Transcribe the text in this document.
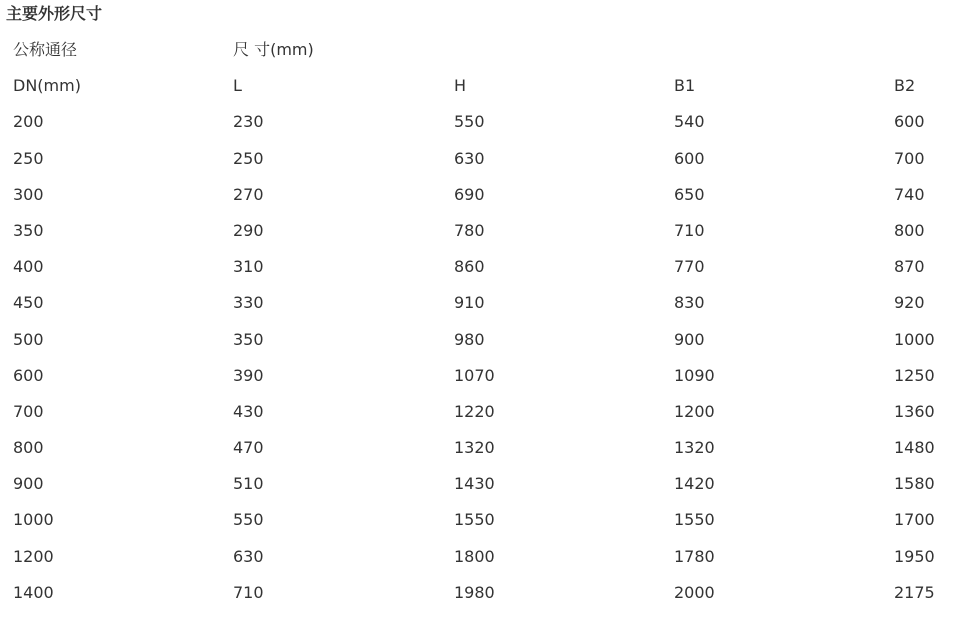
主要外形尺寸
公称通径	尺 寸(mm)
DN(mm)	L	H	B1	B2
200	230	550	540	600
250	250	630	600	700
300	270	690	650	740
350	290	780	710	800
400	310	860	770	870
450	330	910	830	920
500	350	980	900	1000
600	390	1070	1090	1250
700	430	1220	1200	1360
800	470	1320	1320	1480
900	510	1430	1420	1580
1000	550	1550	1550	1700
1200	630	1800	1780	1950
1400	710	1980	2000	2175
